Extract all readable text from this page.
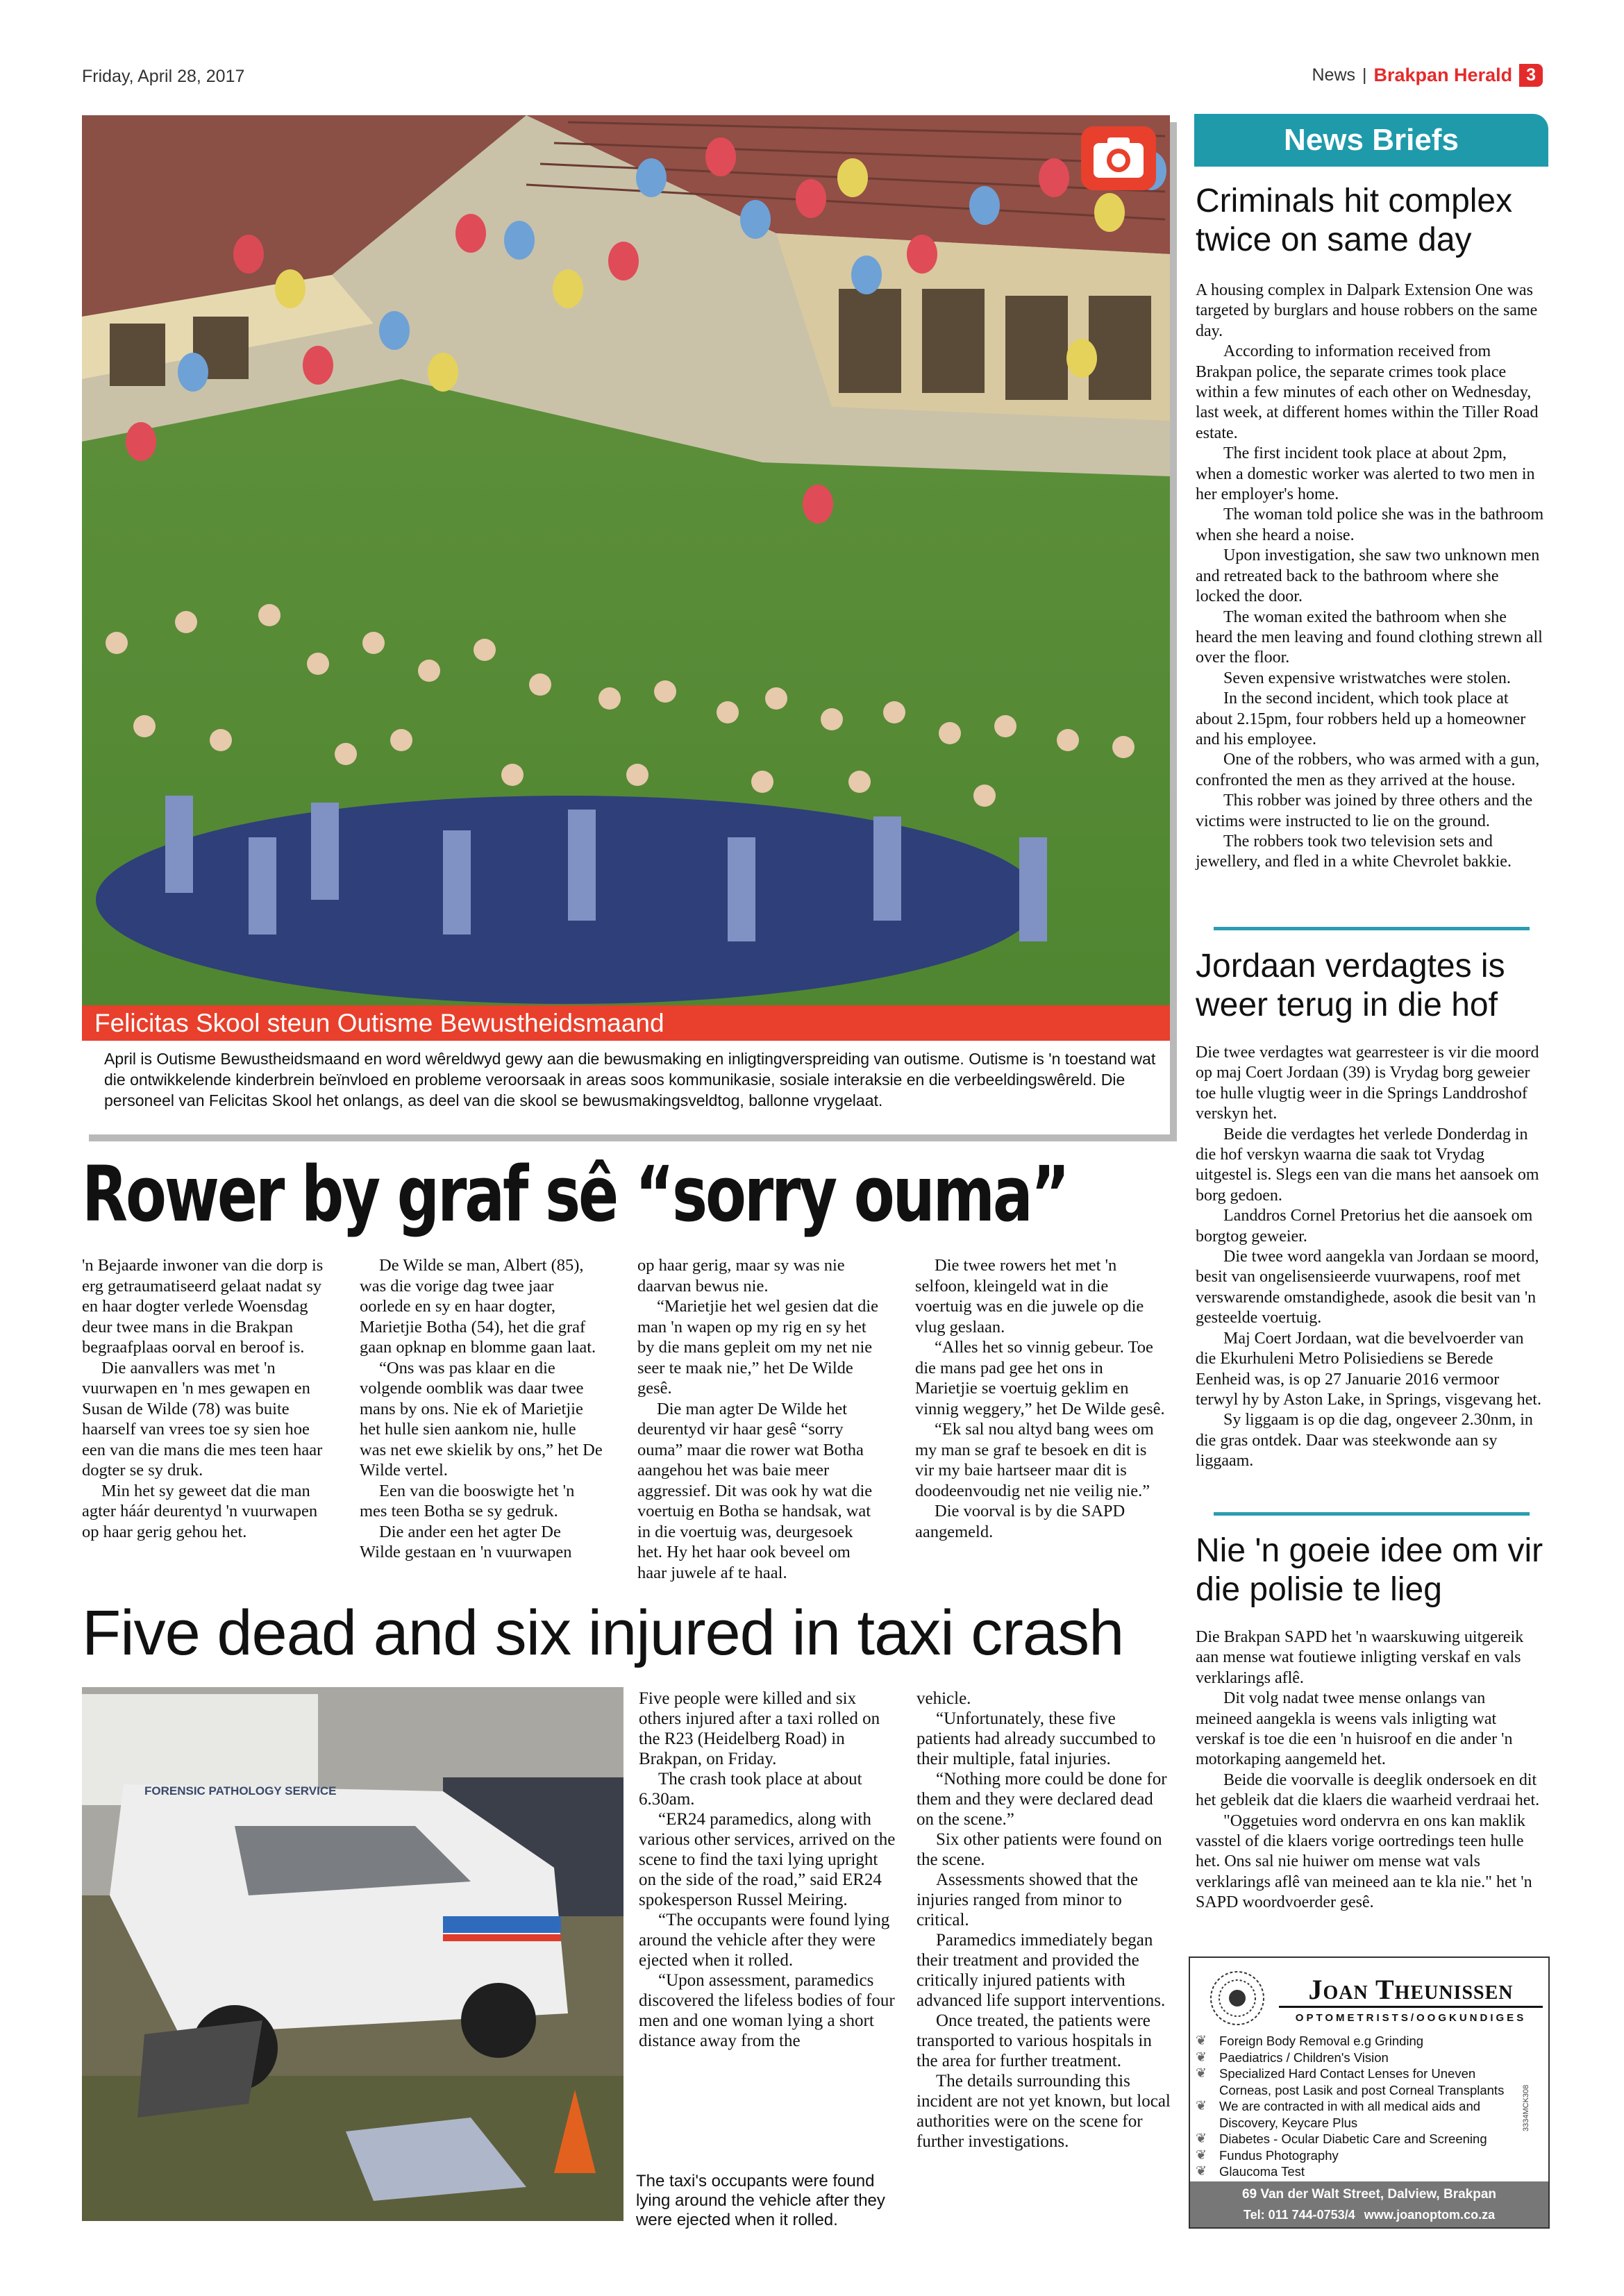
Friday, April 28, 2017	News | Brakpan Herald 3
Felicitas Skool steun Outisme Bewustheidsmaand
April is Outisme Bewustheidsmaand en word wêreldwyd gewy aan die bewusmaking en inligtingverspreiding van outisme. Outisme is 'n toestand wat die ontwikkelende kinderbrein beïnvloed en probleme veroorsaak in areas soos kommunikasie, sosiale interaksie en die verbeeldingswêreld. Die personeel van Felicitas Skool het onlangs, as deel van die skool se bewusmakingsveldtog, ballonne vrygelaat.
Rower by graf sê “sorry ouma”

'n Bejaarde inwoner van die dorp is erg getraumatiseerd gelaat nadat sy en haar dogter verlede Woensdag deur twee mans in die Brakpan begraafplaas oorval en beroof is.

Die aanvallers was met 'n vuurwapen en 'n mes gewapen en Susan de Wilde (78) was buite haarself van vrees toe sy sien hoe een van die mans die mes teen haar dogter se sy druk.

Min het sy geweet dat die man agter háár deurentyd 'n vuurwapen op haar gerig gehou het.

De Wilde se man, Albert (85), was die vorige dag twee jaar oorlede en sy en haar dogter, Marietjie Botha (54), het die graf gaan opknap en blomme gaan laat.

“Ons was pas klaar en die volgende oomblik was daar twee mans by ons. Nie ek of Marietjie het hulle sien aankom nie, hulle was net ewe skielik by ons,” het De Wilde vertel.

Een van die booswigte het 'n mes teen Botha se sy gedruk.

Die ander een het agter De Wilde gestaan en 'n vuurwapen

op haar gerig, maar sy was nie daarvan bewus nie.

“Marietjie het wel gesien dat die man 'n wapen op my rig en sy het by die mans gepleit om my net nie seer te maak nie,” het De Wilde gesê.

Die man agter De Wilde het deurentyd vir haar gesê “sorry ouma” maar die rower wat Botha aangehou het was baie meer aggressief. Dit was ook hy wat die voertuig en Botha se handsak, wat in die voertuig was, deurgesoek het. Hy het haar ook beveel om haar juwele af te haal.

Die twee rowers het met 'n selfoon, kleingeld wat in die voertuig was en die juwele op die vlug geslaan.

“Alles het so vinnig gebeur. Toe die mans pad gee het ons in Marietjie se voertuig geklim en vinnig weggery,” het De Wilde gesê.

“Ek sal nou altyd bang wees om my man se graf te besoek en dit is vir my baie hartseer maar dit is doodeenvoudig net nie veilig nie.”

Die voorval is by die SAPD aangemeld.

Five dead and six injured in taxi crash
FORENSIC PATHOLOGY SERVICE
The taxi's occupants were found lying around the vehicle after they were ejected when it rolled.

Five people were killed and six others injured after a taxi rolled on the R23 (Heidelberg Road) in Brakpan, on Friday.

The crash took place at about 6.30am.

“ER24 paramedics, along with various other services, arrived on the scene to find the taxi lying upright on the side of the road,” said ER24 spokesperson Russel Meiring.

“The occupants were found lying around the vehicle after they were ejected when it rolled.

“Upon assessment, paramedics discovered the lifeless bodies of four men and one woman lying a short distance away from the

vehicle.

“Unfortunately, these five patients had already succumbed to their multiple, fatal injuries.

“Nothing more could be done for them and they were declared dead on the scene.”

Six other patients were found on the scene.

Assessments showed that the injuries ranged from minor to critical.

Paramedics immediately began their treatment and provided the critically injured patients with advanced life support interventions.

Once treated, the patients were transported to various hospitals in the area for further treatment.

The details surrounding this incident are not yet known, but local authorities were on the scene for further investigations.

News Briefs
Criminals hit complex twice on same day

A housing complex in Dalpark Extension One was targeted by burglars and house robbers on the same day.

According to information received from Brakpan police, the separate crimes took place within a few minutes of each other on Wednesday, last week, at different homes within the Tiller Road estate.

The first incident took place at about 2pm, when a domestic worker was alerted to two men in her employer's home.

The woman told police she was in the bathroom when she heard a noise.

Upon investigation, she saw two unknown men and retreated back to the bathroom where she locked the door.

The woman exited the bathroom when she heard the men leaving and found clothing strewn all over the floor.

Seven expensive wristwatches were stolen.

In the second incident, which took place at about 2.15pm, four robbers held up a homeowner and his employee.

One of the robbers, who was armed with a gun, confronted the men as they arrived at the house.

This robber was joined by three others and the victims were instructed to lie on the ground.

The robbers took two television sets and jewellery, and fled in a white Chevrolet bakkie.

Jordaan verdagtes is weer terug in die hof

Die twee verdagtes wat gearresteer is vir die moord op maj Coert Jordaan (39) is Vrydag borg geweier toe hulle vlugtig weer in die Springs Landdroshof verskyn het.

Beide die verdagtes het verlede Donderdag in die hof verskyn waarna die saak tot Vrydag uitgestel is. Slegs een van die mans het aansoek om borg gedoen.

Landdros Cornel Pretorius het die aansoek om borgtog geweier.

Die twee word aangekla van Jordaan se moord, besit van ongelisensieerde vuurwapens, roof met verswarende omstandighede, asook die besit van 'n gesteelde voertuig.

Maj Coert Jordaan, wat die bevelvoerder van die Ekurhuleni Metro Polisiediens se Berede Eenheid was, is op 27 Januarie 2016 vermoor terwyl hy by Aston Lake, in Springs, visgevang het.

Sy liggaam is op die dag, ongeveer 2.30nm, in die gras ontdek. Daar was steekwonde aan sy liggaam.

Nie 'n goeie idee om vir die polisie te lieg

Die Brakpan SAPD het 'n waarskuwing uitgereik aan mense wat foutiewe inligting verskaf en vals verklarings aflê.

Dit volg nadat twee mense onlangs van meineed aangekla is weens vals inligting wat verskaf is toe die een 'n huisroof en die ander 'n motorkaping aangemeld het.

Beide die voorvalle is deeglik ondersoek en dit het gebleik dat die klaers die waarheid verdraai het.

"Oggetuies word ondervra en ons kan maklik vasstel of die klaers vorige oortredings teen hulle het. Ons sal nie huiwer om mense wat vals verklarings aflê van meineed aan te kla nie." het 'n SAPD woordvoerder gesê.

Joan Theunissen
OPTOMETRISTS/OOGKUNDIGES
❦ Foreign Body Removal e.g Grinding
❦ Paediatrics / Children's Vision
❦ Specialized Hard Contact Lenses for Uneven Corneas, post Lasik and post Corneal Transplants
❦ We are contracted in with all medical aids and Discovery, Keycare Plus
❦ Diabetes - Ocular Diabetic Care and Screening
❦ Fundus Photography
❦ Glaucoma Test
3334MCK308
69 Van der Walt Street, Dalview, Brakpan
Tel: 011 744-0753/4 www.joanoptom.co.za
